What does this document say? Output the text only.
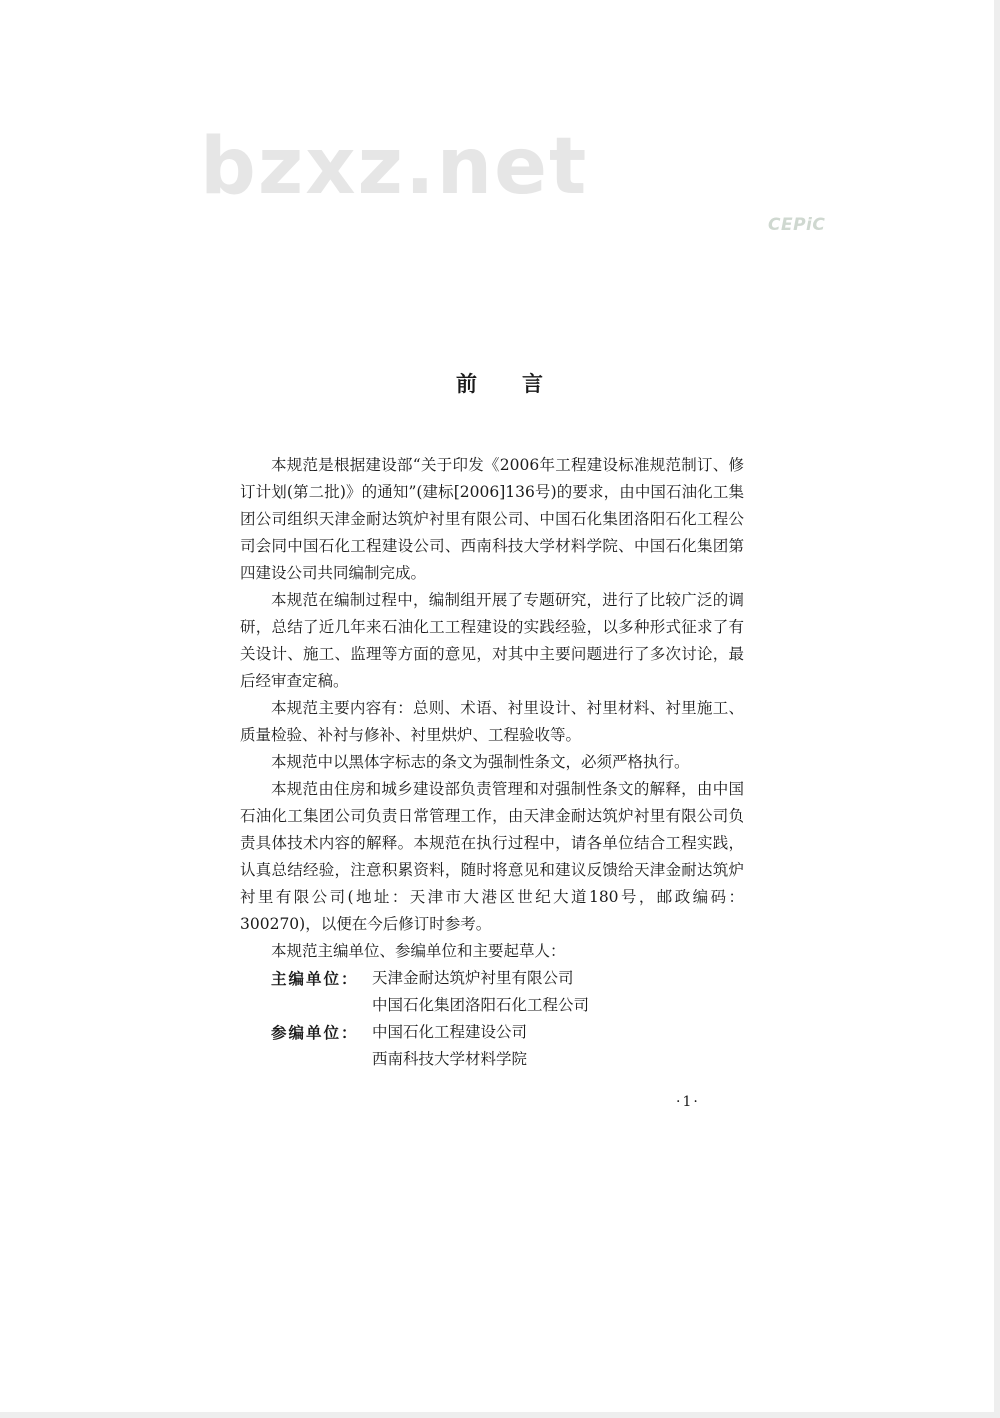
bzxz.net
CEPiC
前 言

本规范是根据建设部“关于印发《2006年工程建设标准规范制订、修订计划(第二批)》的通知”(建标[2006]136号)的要求，由中国石油化工集团公司组织天津金耐达筑炉衬里有限公司、中国石化集团洛阳石化工程公司会同中国石化工程建设公司、西南科技大学材料学院、中国石化集团第四建设公司共同编制完成。

本规范在编制过程中，编制组开展了专题研究，进行了比较广泛的调研，总结了近几年来石油化工工程建设的实践经验，以多种形式征求了有关设计、施工、监理等方面的意见，对其中主要问题进行了多次讨论，最后经审查定稿。

本规范主要内容有：总则、术语、衬里设计、衬里材料、衬里施工、质量检验、补衬与修补、衬里烘炉、工程验收等。

本规范中以黑体字标志的条文为强制性条文，必须严格执行。

本规范由住房和城乡建设部负责管理和对强制性条文的解释，由中国石油化工集团公司负责日常管理工作，由天津金耐达筑炉衬里有限公司负责具体技术内容的解释。本规范在执行过程中，请各单位结合工程实践，认真总结经验，注意积累资料，随时将意见和建议反馈给天津金耐达筑炉衬里有限公司(地址：天津市大港区世纪大道180号，邮政编码：300270)，以便在今后修订时参考。

本规范主编单位、参编单位和主要起草人：

主编单位： 天津金耐达筑炉衬里有限公司
中国石化集团洛阳石化工程公司
参编单位： 中国石化工程建设公司
西南科技大学材料学院
·1·
